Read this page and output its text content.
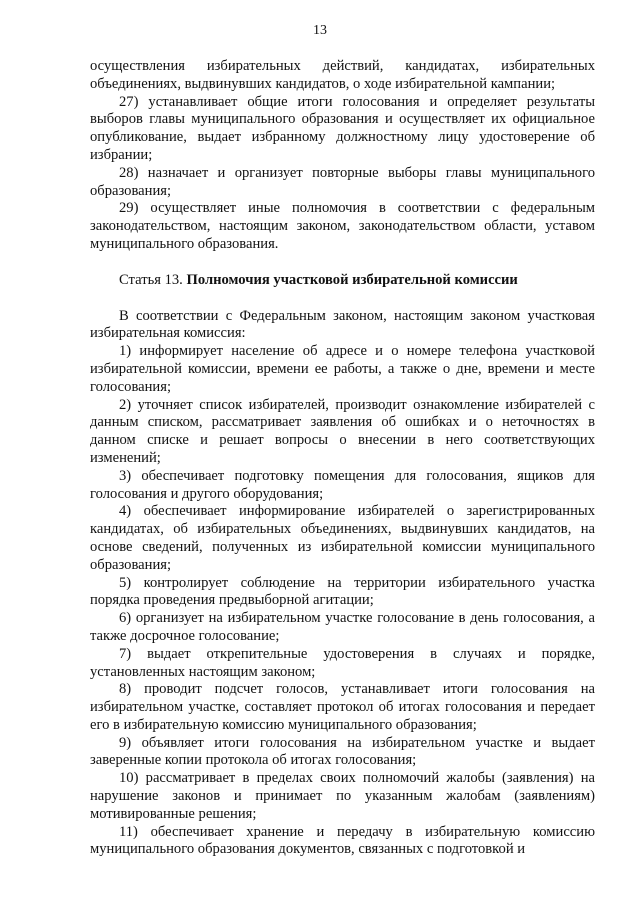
13

осуществления избирательных действий, кандидатах, избирательных объединениях, выдвинувших кандидатов, о ходе избирательной кампании;

27) устанавливает общие итоги голосования и определяет результаты выборов главы муниципального образования и осуществляет их официальное опубликование, выдает избранному должностному лицу удостоверение об избрании;

28) назначает и организует повторные выборы главы муниципального образования;

29) осуществляет иные полномочия в соответствии с федеральным законодательством, настоящим законом, законодательством области, уставом муниципального образования.

Статья 13. Полномочия участковой избирательной комиссии

В соответствии с Федеральным законом, настоящим законом участковая избирательная комиссия:

1) информирует население об адресе и о номере телефона участковой избирательной комиссии, времени ее работы, а также о дне, времени и месте голосования;

2) уточняет список избирателей, производит ознакомление избирателей с данным списком, рассматривает заявления об ошибках и о неточностях в данном списке и решает вопросы о внесении в него соответствующих изменений;

3) обеспечивает подготовку помещения для голосования, ящиков для голосования и другого оборудования;

4) обеспечивает информирование избирателей о зарегистрированных кандидатах, об избирательных объединениях, выдвинувших кандидатов, на основе сведений, полученных из избирательной комиссии муниципального образования;

5) контролирует соблюдение на территории избирательного участка порядка проведения предвыборной агитации;

6) организует на избирательном участке голосование в день голосования, а также досрочное голосование;

7) выдает открепительные удостоверения в случаях и порядке, установленных настоящим законом;

8) проводит подсчет голосов, устанавливает итоги голосования на избирательном участке, составляет протокол об итогах голосования и передает его в избирательную комиссию муниципального образования;

9) объявляет итоги голосования на избирательном участке и выдает заверенные копии протокола об итогах голосования;

10) рассматривает в пределах своих полномочий жалобы (заявления) на нарушение законов и принимает по указанным жалобам (заявлениям) мотивированные решения;

11) обеспечивает хранение и передачу в избирательную комиссию муниципального образования документов, связанных с подготовкой и
